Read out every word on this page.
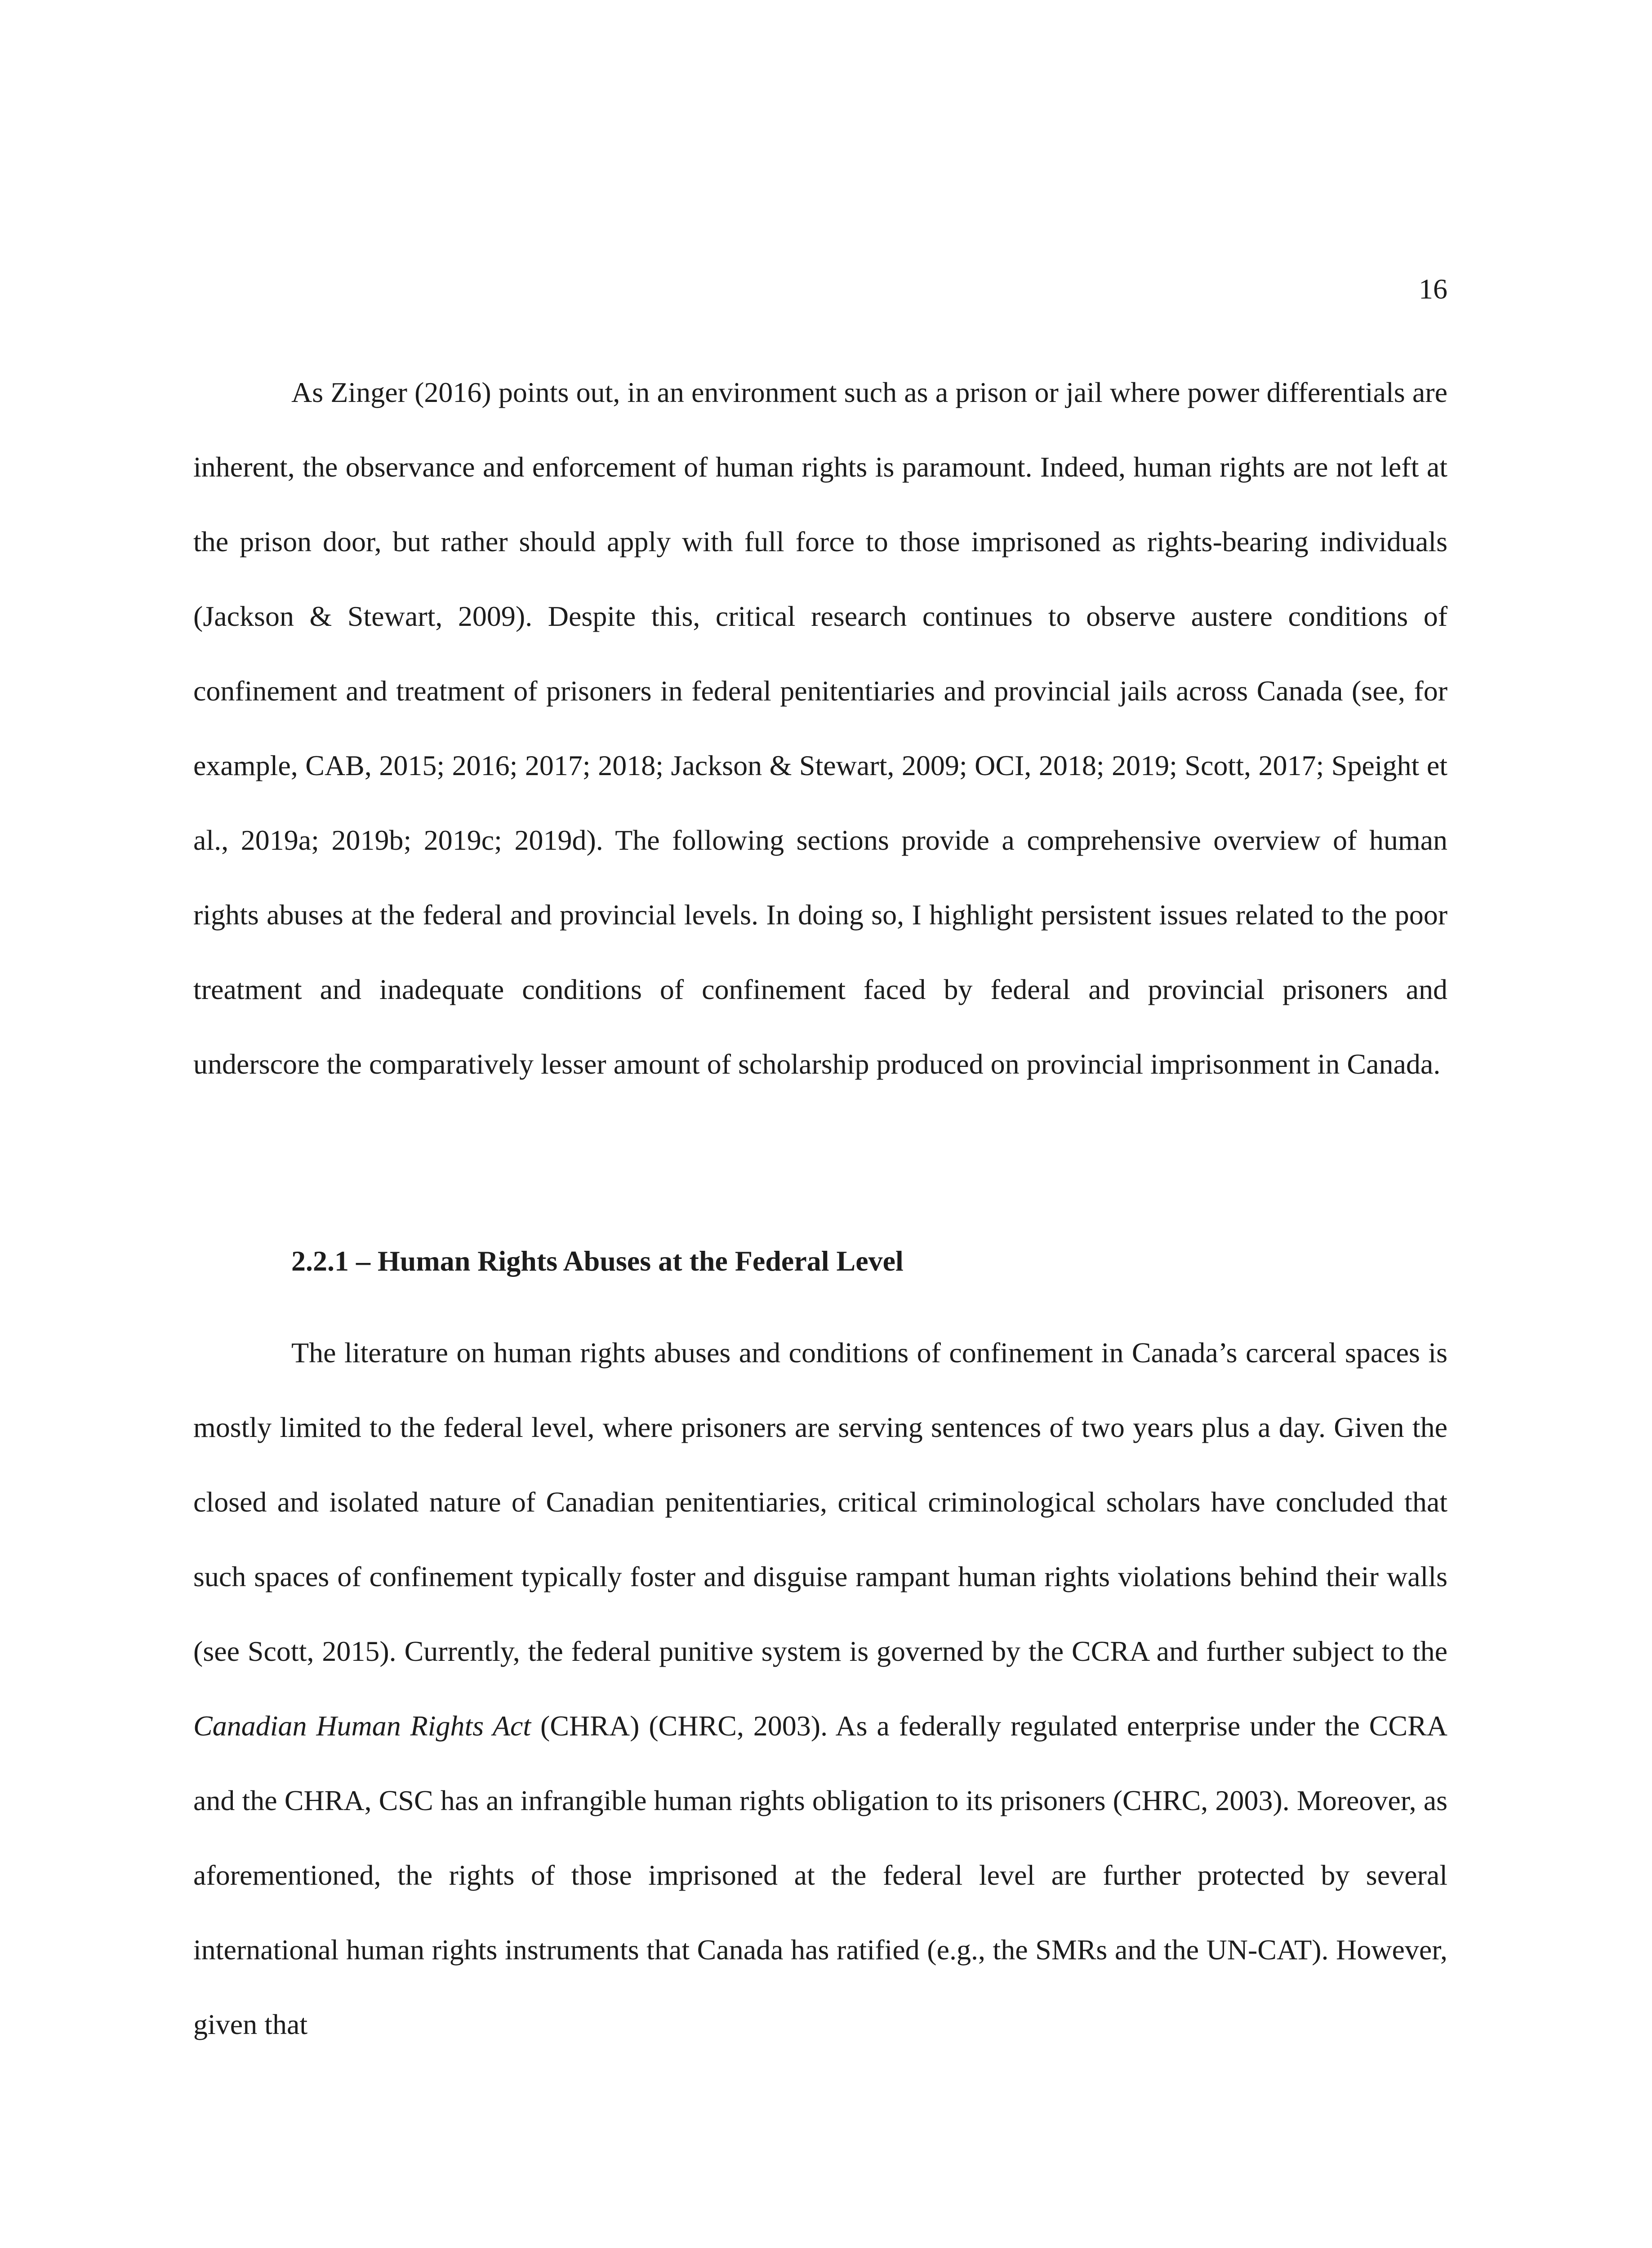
16

As Zinger (2016) points out, in an environment such as a prison or jail where power differentials are inherent, the observance and enforcement of human rights is paramount. Indeed, human rights are not left at the prison door, but rather should apply with full force to those imprisoned as rights-bearing individuals (Jackson & Stewart, 2009). Despite this, critical research continues to observe austere conditions of confinement and treatment of prisoners in federal penitentiaries and provincial jails across Canada (see, for example, CAB, 2015; 2016; 2017; 2018; Jackson & Stewart, 2009; OCI, 2018; 2019; Scott, 2017; Speight et al., 2019a; 2019b; 2019c; 2019d). The following sections provide a comprehensive overview of human rights abuses at the federal and provincial levels. In doing so, I highlight persistent issues related to the poor treatment and inadequate conditions of confinement faced by federal and provincial prisoners and underscore the comparatively lesser amount of scholarship produced on provincial imprisonment in Canada.

2.2.1 – Human Rights Abuses at the Federal Level

The literature on human rights abuses and conditions of confinement in Canada’s carceral spaces is mostly limited to the federal level, where prisoners are serving sentences of two years plus a day. Given the closed and isolated nature of Canadian penitentiaries, critical criminological scholars have concluded that such spaces of confinement typically foster and disguise rampant human rights violations behind their walls (see Scott, 2015). Currently, the federal punitive system is governed by the CCRA and further subject to the Canadian Human Rights Act (CHRA) (CHRC, 2003). As a federally regulated enterprise under the CCRA and the CHRA, CSC has an infrangible human rights obligation to its prisoners (CHRC, 2003). Moreover, as aforementioned, the rights of those imprisoned at the federal level are further protected by several international human rights instruments that Canada has ratified (e.g., the SMRs and the UN-CAT). However, given that
